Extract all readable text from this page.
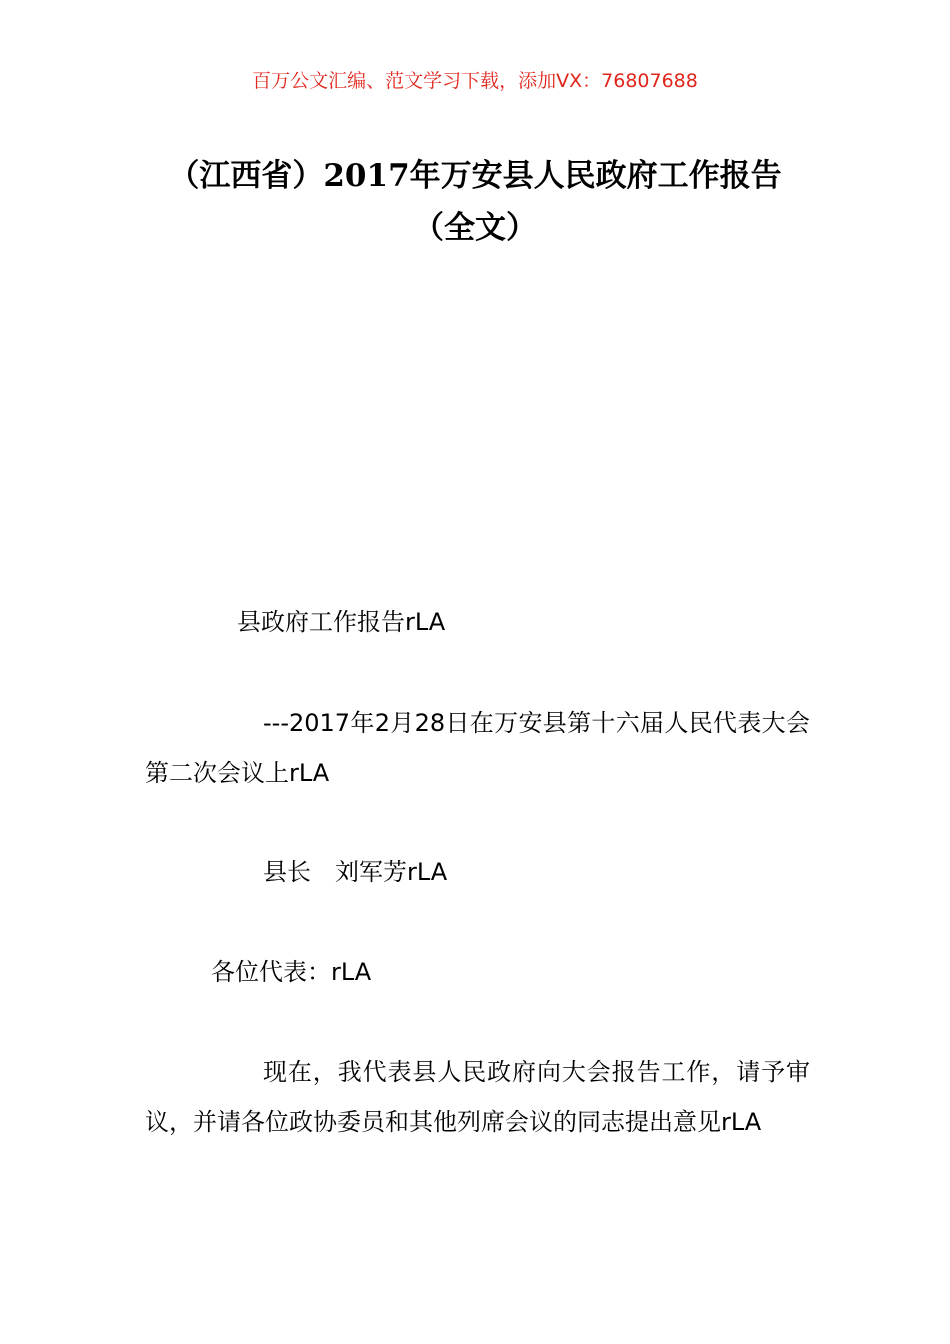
百万公文汇编、范文学习下载，添加VX：76807688
（江西省）2017年万安县人民政府工作报告（全文）

县政府工作报告rLA

---2017年2月28日在万安县第十六届人民代表大会第二次会议上rLA

县长　刘军芳rLA

各位代表：rLA

现在，我代表县人民政府向大会报告工作，请予审议，并请各位政协委员和其他列席会议的同志提出意见rLA
